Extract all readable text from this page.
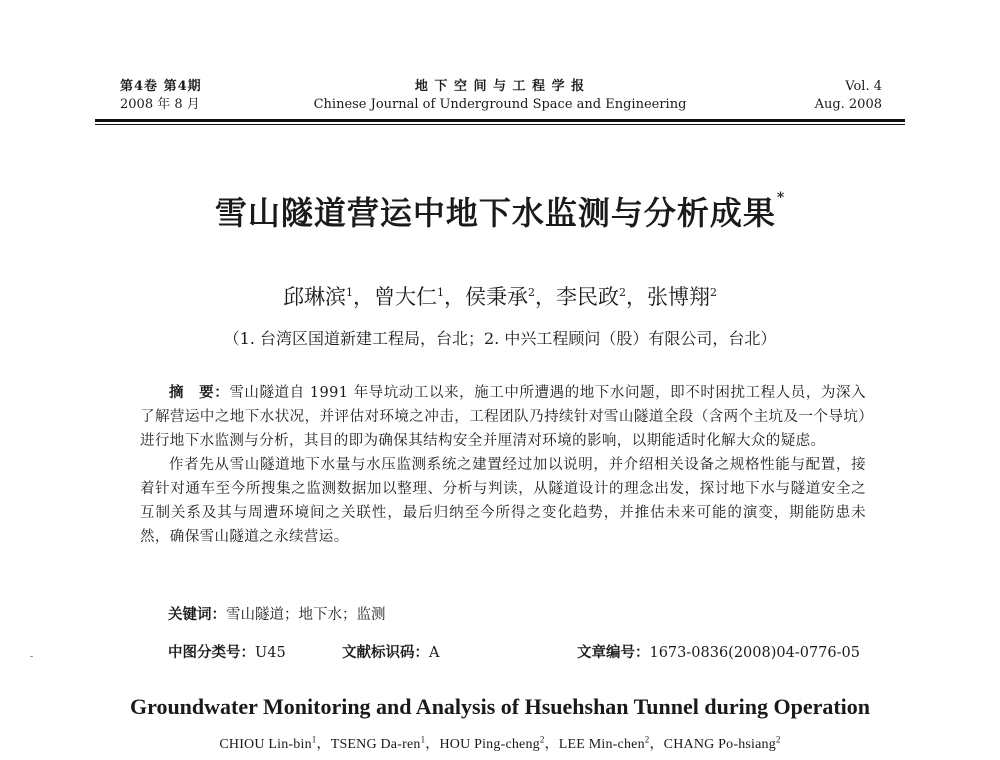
第4卷 第4期
2008 年 8 月
地 下 空 间 与 工 程 学 报
Chinese Journal of Underground Space and Engineering
Vol. 4
Aug. 2008
雪山隧道营运中地下水监测与分析成果*
邱琳滨$^1$，曾大仁$^1$，侯秉承$^2$，李民政$^2$，张博翔$^2$
（1. 台湾区国道新建工程局，台北；2. 中兴工程顾问（股）有限公司，台北）

摘　要：雪山隧道自 1991 年导坑动工以来，施工中所遭遇的地下水问题，即不时困扰工程人员，为深入了解营运中之地下水状况，并评估对环境之冲击，工程团队乃持续针对雪山隧道全段（含两个主坑及一个导坑）进行地下水监测与分析，其目的即为确保其结构安全并厘清对环境的影响，以期能适时化解大众的疑虑。

作者先从雪山隧道地下水量与水压监测系统之建置经过加以说明，并介绍相关设备之规格性能与配置，接着针对通车至今所搜集之监测数据加以整理、分析与判读，从隧道设计的理念出发，探讨地下水与隧道安全之互制关系及其与周遭环境间之关联性，最后归纳至今所得之变化趋势，并推估未来可能的演变，期能防患未然，确保雪山隧道之永续营运。

关键词：雪山隧道；地下水；监测
中图分类号：U45	文献标识码：A	文章编号：1673-0836(2008)04-0776-05
Groundwater Monitoring and Analysis of Hsuehshan Tunnel during Operation
CHIOU Lin-bin$^1$，TSENG Da-ren$^1$，HOU Ping-cheng$^2$，LEE Min-chen$^2$，CHANG Po-hsiang$^2$
